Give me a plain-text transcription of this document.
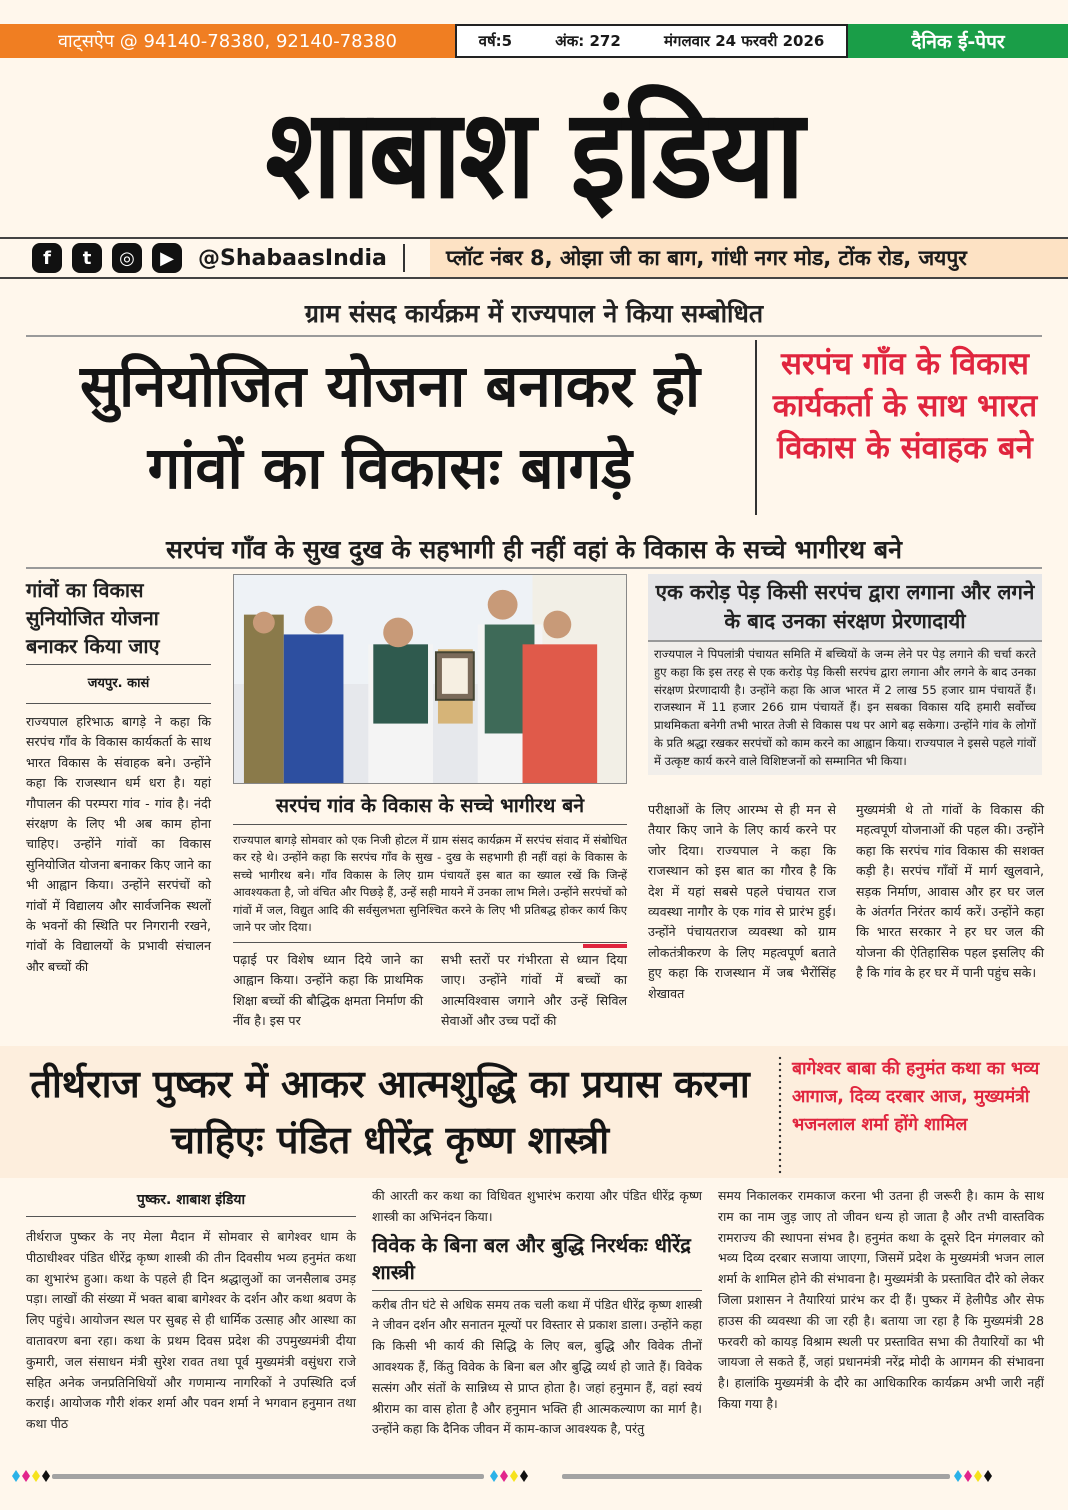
वाट्सऐप @ 94140-78380, 92140-78380	वर्ष:5	अंक: 272	मंगलवार 24 फरवरी 2026	दैनिक ई-पेपर
शाबाश इंडिया
f	t	◎	▶	@ShabaasIndia	प्लॉट नंबर 8, ओझा जी का बाग, गांधी नगर मोड, टोंक रोड, जयपुर
ग्राम संसद कार्यक्रम में राज्यपाल ने किया सम्बोधित
सुनियोजित योजना बनाकर हो गांवों का विकासः बागड़े
सरपंच गाँव के विकास कार्यकर्ता के साथ भारत विकास के संवाहक बने
सरपंच गाँव के सुख दुख के सहभागी ही नहीं वहां के विकास के सच्चे भागीरथ बने
गांवों का विकास सुनियोजित योजना बनाकर किया जाए
जयपुर. कासं
राज्यपाल हरिभाऊ बागड़े ने कहा कि सरपंच गाँव के विकास कार्यकर्ता के साथ भारत विकास के संवाहक बने। उन्होंने कहा कि राजस्थान धर्म धरा है। यहां गौपालन की परम्परा गांव - गांव है। नंदी संरक्षण के लिए भी अब काम होना चाहिए। उन्होंने गांवों का विकास सुनियोजित योजना बनाकर किए जाने का भी आह्वान किया। उन्होंने सरपंचों को गांवों में विद्यालय और सार्वजनिक स्थलों के भवनों की स्थिति पर निगरानी रखने, गांवों के विद्यालयों के प्रभावी संचालन और बच्चों की
सरपंच गांव के विकास के सच्चे भागीरथ बने
राज्यपाल बागड़े सोमवार को एक निजी होटल में ग्राम संसद कार्यक्रम में सरपंच संवाद में संबोधित कर रहे थे। उन्होंने कहा कि सरपंच गाँव के सुख - दुख के सहभागी ही नहीं वहां के विकास के सच्चे भागीरथ बने। गाँव विकास के लिए ग्राम पंचायतें इस बात का ख्याल रखें कि जिन्हें आवश्यकता है, जो वंचित और पिछड़े हैं, उन्हें सही मायने में उनका लाभ मिले। उन्होंने सरपंचों को गांवों में जल, विद्युत आदि की सर्वसुलभता सुनिश्चित करने के लिए भी प्रतिबद्ध होकर कार्य किए जाने पर जोर दिया।
पढ़ाई पर विशेष ध्यान दिये जाने का आह्वान किया। उन्होंने कहा कि प्राथमिक शिक्षा बच्चों की बौद्धिक क्षमता निर्माण की नींव है। इस पर
सभी स्तरों पर गंभीरता से ध्यान दिया जाए। उन्होंने गांवों में बच्चों का आत्मविश्वास जगाने और उन्हें सिविल सेवाओं और उच्च पदों की
एक करोड़ पेड़ किसी सरपंच द्वारा लगाना और लगने के बाद उनका संरक्षण प्रेरणादायी
राज्यपाल ने पिपलांत्री पंचायत समिति में बच्चियों के जन्म लेने पर पेड़ लगाने की चर्चा करते हुए कहा कि इस तरह से एक करोड़ पेड़ किसी सरपंच द्वारा लगाना और लगने के बाद उनका संरक्षण प्रेरणादायी है। उन्होंने कहा कि आज भारत में 2 लाख 55 हजार ग्राम पंचायतें हैं। राजस्थान में 11 हजार 266 ग्राम पंचायतें हैं। इन सबका विकास यदि हमारी सर्वोच्च प्राथमिकता बनेगी तभी भारत तेजी से विकास पथ पर आगे बढ़ सकेगा। उन्होंने गांव के लोगों के प्रति श्रद्धा रखकर सरपंचों को काम करने का आह्वान किया। राज्यपाल ने इससे पहले गांवों में उत्कृष्ट कार्य करने वाले विशिष्टजनों को सम्मानित भी किया।
परीक्षाओं के लिए आरम्भ से ही मन से तैयार किए जाने के लिए कार्य करने पर जोर दिया। राज्यपाल ने कहा कि राजस्थान को इस बात का गौरव है कि देश में यहां सबसे पहले पंचायत राज व्यवस्था नागौर के एक गांव से प्रारंभ हुई। उन्होंने पंचायतराज व्यवस्था को ग्राम लोकतंत्रीकरण के लिए महत्वपूर्ण बताते हुए कहा कि राजस्थान में जब भैरोंसिंह शेखावत
मुख्यमंत्री थे तो गांवों के विकास की महत्वपूर्ण योजनाओं की पहल की। उन्होंने कहा कि सरपंच गांव विकास की सशक्त कड़ी है। सरपंच गाँवों में मार्ग खुलवाने, सड़क निर्माण, आवास और हर घर जल के अंतर्गत निरंतर कार्य करें। उन्होंने कहा कि भारत सरकार ने हर घर जल की योजना की ऐतिहासिक पहल इसलिए की है कि गांव के हर घर में पानी पहुंच सके।
तीर्थराज पुष्कर में आकर आत्मशुद्धि का प्रयास करना चाहिएः पंडित धीरेंद्र कृष्ण शास्त्री
बागेश्वर बाबा की हनुमंत कथा का भव्य आगाज, दिव्य दरबार आज, मुख्यमंत्री भजनलाल शर्मा होंगे शामिल
पुष्कर. शाबाश इंडिया
तीर्थराज पुष्कर के नए मेला मैदान में सोमवार से बागेश्वर धाम के पीठाधीश्वर पंडित धीरेंद्र कृष्ण शास्त्री की तीन दिवसीय भव्य हनुमंत कथा का शुभारंभ हुआ। कथा के पहले ही दिन श्रद्धालुओं का जनसैलाब उमड़ पड़ा। लाखों की संख्या में भक्त बाबा बागेश्वर के दर्शन और कथा श्रवण के लिए पहुंचे। आयोजन स्थल पर सुबह से ही धार्मिक उत्साह और आस्था का वातावरण बना रहा। कथा के प्रथम दिवस प्रदेश की उपमुख्यमंत्री दीया कुमारी, जल संसाधन मंत्री सुरेश रावत तथा पूर्व मुख्यमंत्री वसुंधरा राजे सहित अनेक जनप्रतिनिधियों और गणमान्य नागरिकों ने उपस्थिति दर्ज कराई। आयोजक गौरी शंकर शर्मा और पवन शर्मा ने भगवान हनुमान तथा कथा पीठ
की आरती कर कथा का विधिवत शुभारंभ कराया और पंडित धीरेंद्र कृष्ण शास्त्री का अभिनंदन किया।
विवेक के बिना बल और बुद्धि निरर्थकः धीरेंद्र शास्त्री
करीब तीन घंटे से अधिक समय तक चली कथा में पंडित धीरेंद्र कृष्ण शास्त्री ने जीवन दर्शन और सनातन मूल्यों पर विस्तार से प्रकाश डाला। उन्होंने कहा कि किसी भी कार्य की सिद्धि के लिए बल, बुद्धि और विवेक तीनों आवश्यक हैं, किंतु विवेक के बिना बल और बुद्धि व्यर्थ हो जाते हैं। विवेक सत्संग और संतों के सान्निध्य से प्राप्त होता है। जहां हनुमान हैं, वहां स्वयं श्रीराम का वास होता है और हनुमान भक्ति ही आत्मकल्याण का मार्ग है। उन्होंने कहा कि दैनिक जीवन में काम-काज आवश्यक है, परंतु
समय निकालकर रामकाज करना भी उतना ही जरूरी है। काम के साथ राम का नाम जुड़ जाए तो जीवन धन्य हो जाता है और तभी वास्तविक रामराज्य की स्थापना संभव है। हनुमंत कथा के दूसरे दिन मंगलवार को भव्य दिव्य दरबार सजाया जाएगा, जिसमें प्रदेश के मुख्यमंत्री भजन लाल शर्मा के शामिल होने की संभावना है। मुख्यमंत्री के प्रस्तावित दौरे को लेकर जिला प्रशासन ने तैयारियां प्रारंभ कर दी हैं। पुष्कर में हेलीपैड और सेफ हाउस की व्यवस्था की जा रही है। बताया जा रहा है कि मुख्यमंत्री 28 फरवरी को कायड़ विश्राम स्थली पर प्रस्तावित सभा की तैयारियों का भी जायजा ले सकते हैं, जहां प्रधानमंत्री नरेंद्र मोदी के आगमन की संभावना है। हालांकि मुख्यमंत्री के दौरे का आधिकारिक कार्यक्रम अभी जारी नहीं किया गया है।
